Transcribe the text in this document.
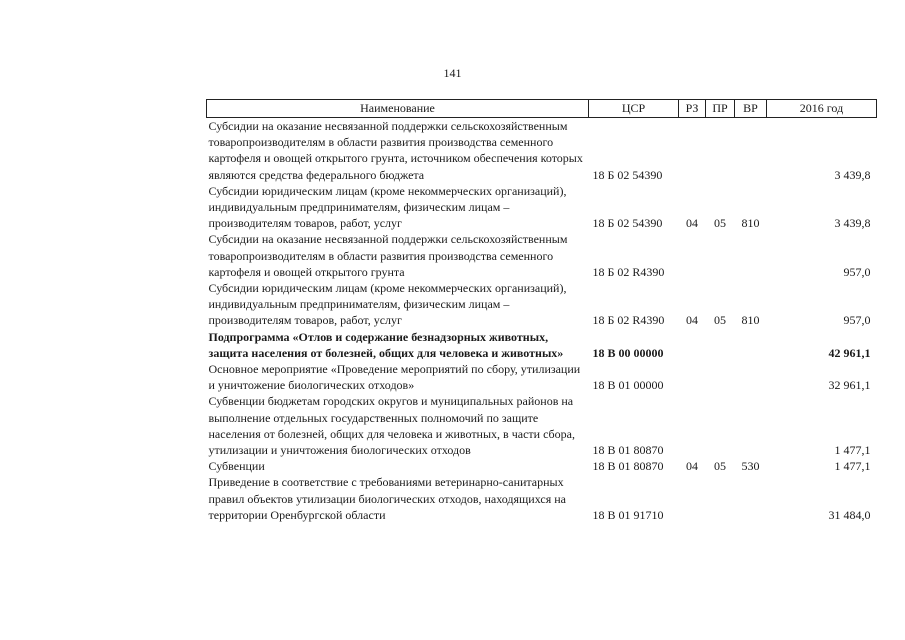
141
Наименование	ЦСР	РЗ	ПР	ВР	2016 год
Субсидии на оказание несвязанной поддержки сельскохозяйственным товаропроизводителям в области развития производства семенного картофеля и овощей открытого грунта, источником обеспечения которых являются средства федерального бюджета	18 Б 02 54390				3 439,8
Субсидии юридическим лицам (кроме некоммерческих организаций), индивидуальным предпринимателям, физическим лицам – производителям товаров, работ, услуг	18 Б 02 54390	04	05	810	3 439,8
Субсидии на оказание несвязанной поддержки сельскохозяйственным товаропроизводителям в области развития производства семенного картофеля и овощей открытого грунта	18 Б 02 R4390				957,0
Субсидии юридическим лицам (кроме некоммерческих организаций), индивидуальным предпринимателям, физическим лицам – производителям товаров, работ, услуг	18 Б 02 R4390	04	05	810	957,0
Подпрограмма «Отлов и содержание безнадзорных животных, защита населения от болезней, общих для человека и животных»	18 В 00 00000				42 961,1
Основное мероприятие «Проведение мероприятий по сбору, утилизации и уничтожение биологических отходов»	18 В 01 00000				32 961,1
Субвенции бюджетам городских округов и муниципальных районов на выполнение отдельных государственных полномочий по защите населения от болезней, общих для человека и животных, в части сбора, утилизации и уничтожения биологических отходов	18 В 01 80870				1 477,1
Субвенции	18 В 01 80870	04	05	530	1 477,1
Приведение в соответствие с требованиями ветеринарно-санитарных правил объектов утилизации биологических отходов, находящихся на территории Оренбургской области	18 В 01 91710				31 484,0
